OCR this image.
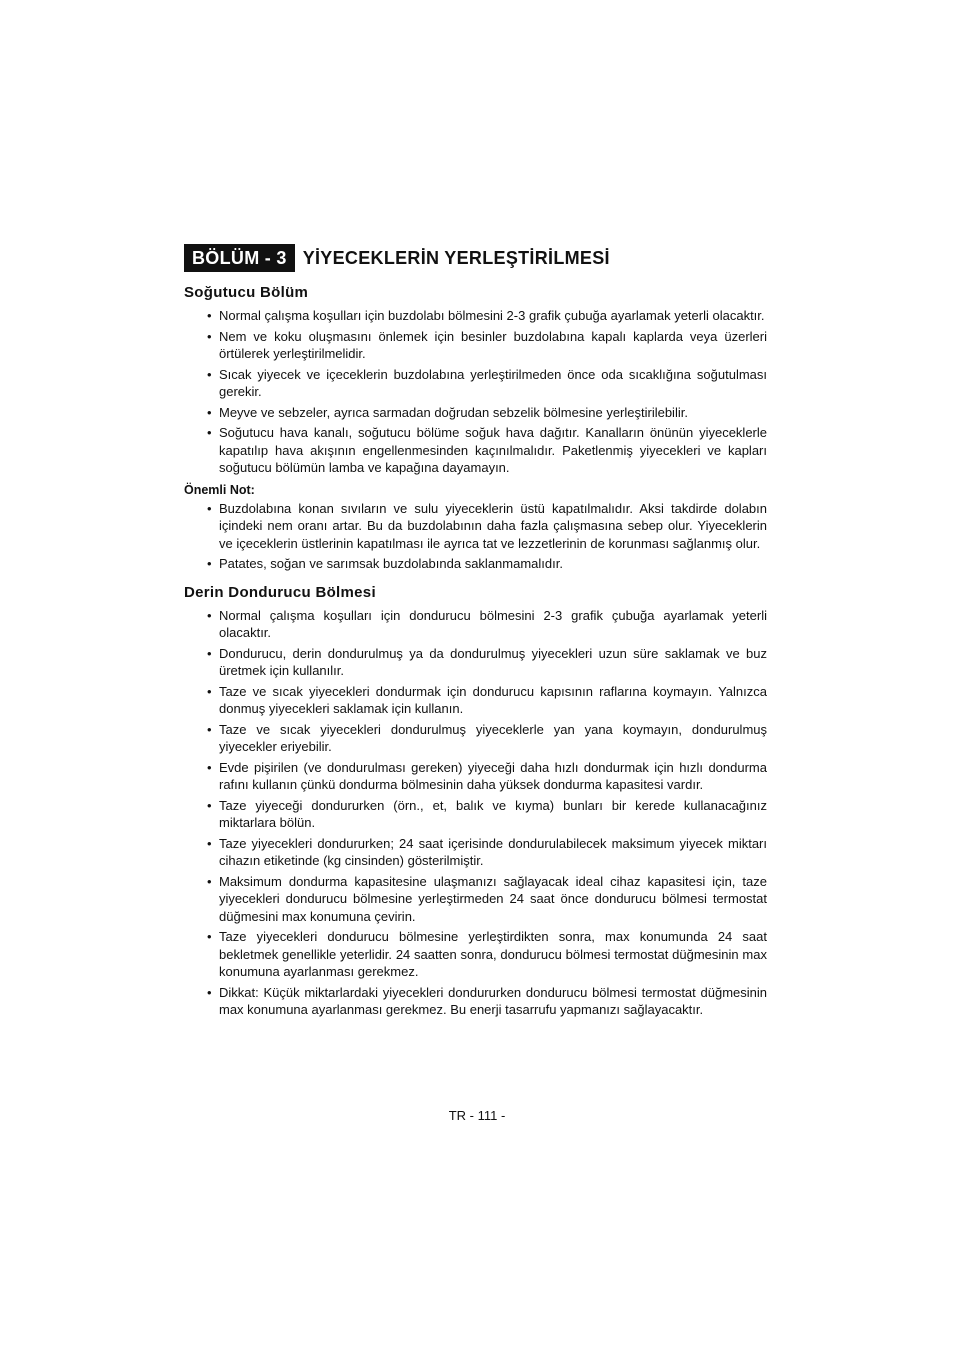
BÖLÜM - 3 YİYECEKLERİN YERLEŞTİRİLMESİ
Soğutucu Bölüm
• Normal çalışma koşulları için buzdolabı bölmesini 2-3 grafik çubuğa ayarlamak yeterli olacaktır.
• Nem ve koku oluşmasını önlemek için besinler buzdolabına kapalı kaplarda veya üzerleri örtülerek yerleştirilmelidir.
• Sıcak yiyecek ve içeceklerin buzdolabına yerleştirilmeden önce oda sıcaklığına soğutulması gerekir.
• Meyve ve sebzeler, ayrıca sarmadan doğrudan sebzelik bölmesine yerleştirilebilir.
• Soğutucu hava kanalı, soğutucu bölüme soğuk hava dağıtır. Kanalların önünün yiyeceklerle kapatılıp hava akışının engellenmesinden kaçınılmalıdır. Paketlenmiş yiyecekleri ve kapları soğutucu bölümün lamba ve kapağına dayamayın.
Önemli Not:
• Buzdolabına konan sıvıların ve sulu yiyeceklerin üstü kapatılmalıdır. Aksi takdirde dolabın içindeki nem oranı artar. Bu da buzdolabının daha fazla çalışmasına sebep olur. Yiyeceklerin ve içeceklerin üstlerinin kapatılması ile ayrıca tat ve lezzetlerinin de korunması sağlanmış olur.
• Patates, soğan ve sarımsak buzdolabında saklanmamalıdır.
Derin Dondurucu Bölmesi
• Normal çalışma koşulları için dondurucu bölmesini 2-3 grafik çubuğa ayarlamak yeterli olacaktır.
• Dondurucu, derin dondurulmuş ya da dondurulmuş yiyecekleri uzun süre saklamak ve buz üretmek için kullanılır.
• Taze ve sıcak yiyecekleri dondurmak için dondurucu kapısının raflarına koymayın. Yalnızca donmuş yiyecekleri saklamak için kullanın.
• Taze ve sıcak yiyecekleri dondurulmuş yiyeceklerle yan yana koymayın, dondurulmuş yiyecekler eriyebilir.
• Evde pişirilen (ve dondurulması gereken) yiyeceği daha hızlı dondurmak için hızlı dondurma rafını kullanın çünkü dondurma bölmesinin daha yüksek dondurma kapasitesi vardır.
• Taze yiyeceği dondururken (örn., et, balık ve kıyma) bunları bir kerede kullanacağınız miktarlara bölün.
• Taze yiyecekleri dondururken; 24 saat içerisinde dondurulabilecek maksimum yiyecek miktarı cihazın etiketinde (kg cinsinden) gösterilmiştir.
• Maksimum dondurma kapasitesine ulaşmanızı sağlayacak ideal cihaz kapasitesi için, taze yiyecekleri dondurucu bölmesine yerleştirmeden 24 saat önce dondurucu bölmesi termostat düğmesini max konumuna çevirin.
• Taze yiyecekleri dondurucu bölmesine yerleştirdikten sonra, max konumunda 24 saat bekletmek genellikle yeterlidir. 24 saatten sonra, dondurucu bölmesi termostat düğmesinin max konumuna ayarlanması gerekmez.
• Dikkat: Küçük miktarlardaki yiyecekleri dondururken dondurucu bölmesi termostat düğmesinin max konumuna ayarlanması gerekmez. Bu enerji tasarrufu yapmanızı sağlayacaktır.
TR - 111 -
